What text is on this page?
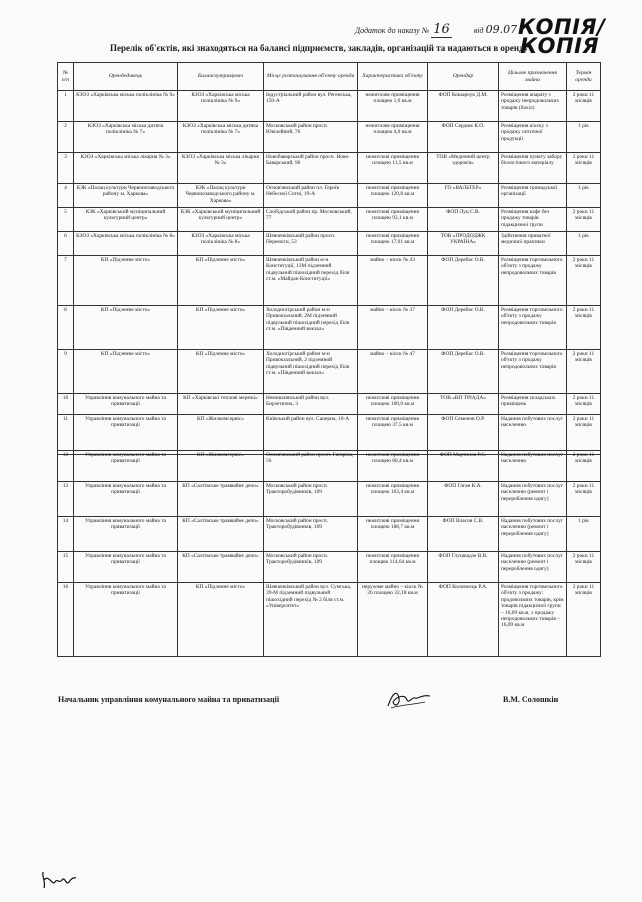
Додаток до наказу № 16	від 09.07 КОПІЯ/
КОПІЯ
Перелік об'єктів, які знаходяться на балансі підприємств, закладів, організацій та надаються в оренду
№ п/п	Орендодавець	Балансоутримувач	Місце розташування об'єкту оренди	Характеристика об'єкту	Орендар	Цільове призначення майна	Термін оренди
1	КЗОЗ «Харківська міська поліклініка № 9»	КЗОЗ «Харківська міська поліклініка № 9»	Індустріальний район вул. Регенська, 150-А	нежитлове приміщення площею 1,0 кв.м	ФОП Кошарчук Д.М.	Розміщення апарату з продажу непродовольчих товарів (бахіл)	2 роки 11 місяців
2	КЗОЗ «Харківська міська дитяча поліклініка № 7»	КЗОЗ «Харківська міська дитяча поліклініка № 7»	Московський район просп. Ювілейний, 76	нежитлове приміщення площею 4,0 кв.м	ФОП Сердюк К.О.	Розміщення кіоску з продажу оптичної продукції	1 рік
3	КЗОЗ «Харківська міська лікарня № 3»	КЗОЗ «Харківська міська лікарня № 3»	Новобаварський район просп. Ново-Баварський, 90	нежитлові приміщення площею 11,5 кв.м	ТОВ «Медичний центр здоров'я»	Розміщення пункту забору біологічного матеріалу	2 роки 11 місяців
4	КЗК «Палац культури Червонозаводського району м. Харкова»	КЗК «Палац культури Червонозаводського району м. Харкова»	Основ'янський район пл. Героїв Небесної Сотні, 19-А	нежитлові приміщення площею 120,8 кв.м	ГО «ВАЛЬТЕР»	Розміщення громадської організації	1 рік
5	КЗК «Харківський муніципальний культурний центр»	КЗК «Харківський муніципальний культурний центр»	Слобідський район пр. Московський, 77	нежитлові приміщення площею 93,1 кв.м	ФОП Луц С.В.	Розміщення кафе без продажу товарів підакцизної групи	2 роки 11 місяців
6	КЗОЗ «Харківська міська поліклініка № 8»	КЗОЗ «Харківська міська поліклініка № 8»	Шевченківський район просп. Перемоги, 53	нежитлові приміщення площею 17,01 кв.м	ТОВ «ПРОДОДЖК УКРАЇНА»	Здійснення приватної медичної практики	1 рік
7	КП «Підземне місто»	КП «Підземне місто»	Шевченківський район м-н Конституції, 13М підземний підвульний пішохідний перехід біля ст.м. «Майдан Конституції»	майно – кіоск № 43	ФОП Деребас О.В.	Розміщення торговельного об'єкту з продажу непродовольчих товарів	2 роки 11 місяців
8	КП «Підземне місто»	КП «Підземне місто»	Холодногірський район м-н Привокзальний, 2М підземний підвульний пішохідний перехід біля ст.м. «Південний вокзал»	майно – кіоск № 37	ФОП Деребас О.В.	Розміщення торговельного об'єкту з продажу непродовольчих товарів	2 роки 11 місяців
9	КП «Підземне місто»	КП «Підземне місто»	Холодногірський район м-н Привокзальний, 2 підземний підвульний пішохідний перехід біля ст.м. «Південний вокзал»	майно – кіоск № 47	ФОП Деребас О.В.	Розміщення торговельного об'єкту з продажу непродовольчих товарів	2 роки 11 місяців
10	Управління комунального майна та приватизації	КП «Харківські теплові мережі»	Немишлянський район вул. Бирзетична, 3	нежитлові приміщення площею 100,0 кв.м	ТОВ «ВП ТРІАДА»	Розміщення складських приміщень	2 роки 11 місяців
11	Управління комунального майна та приватизації	КП «Жилкомсервіс»	Київський район вул. Саперна, 10-А	нежитлові приміщення площею 37,5 кв.м	ФОП Семенов О.Р.	Надання побутових послуг населенню	2 роки 11 місяців
12	Управління комунального майна та приватизації	КП «Жилкомсервіс»	Основ'янський район просп. Гагаріна, 56	нежитлові приміщення площею 80,4 кв.м	ФОП Мартинов Р.С.	Надання побутових послуг населенню	2 роки 11 місяців
13	Управління комунального майна та приватизації	КП «Салтівське трамвайне депо»	Московський район просп. Тракторобудівників, 109	нежитлові приміщення площею 163,4 кв.м	ФОП Глган К.А.	Надання побутових послуг населенню (ремонт і перероблення одягу)	2 роки 11 місяців
14	Управління комунального майна та приватизації	КП «Салтівське трамвайне депо»	Московський район просп. Тракторобудівників, 109	нежитлові приміщення площею 188,7 кв.м	ФОП Власов С.В.	Надання побутових послуг населенню (ремонт і перероблення одягу)	1 рік
15	Управління комунального майна та приватизації	КП «Салтівське трамвайне депо»	Московський район просп. Тракторобудівників, 109	нежитлові приміщення площею 114,64 кв.м	ФОП Глушкадзе В.В.	Надання побутових послуг населенню (ремонт і перероблення одягу)	2 роки 11 місяців
16	Управління комунального майна та приватизації	КП «Підземне місто»	Шевченківський район вул. Сумська, 39-М підземний підвульний пішохідний перехід № 2 біля ст.м. «Університет»	нерухоме майно – кіоск № 26 площею 32,18 кв.м	ФОП Коломоєць Р.А.	Розміщення торговельного об'єкту з продажу: продовольчих товарів, крім товарів підакцизної групи – 16,09 кв.м, з продажу непродовольчих товарів – 16,09 кв.м	2 роки 11 місяців
Начальник управління комунального майна та приватизації	В.М. Солошкін
